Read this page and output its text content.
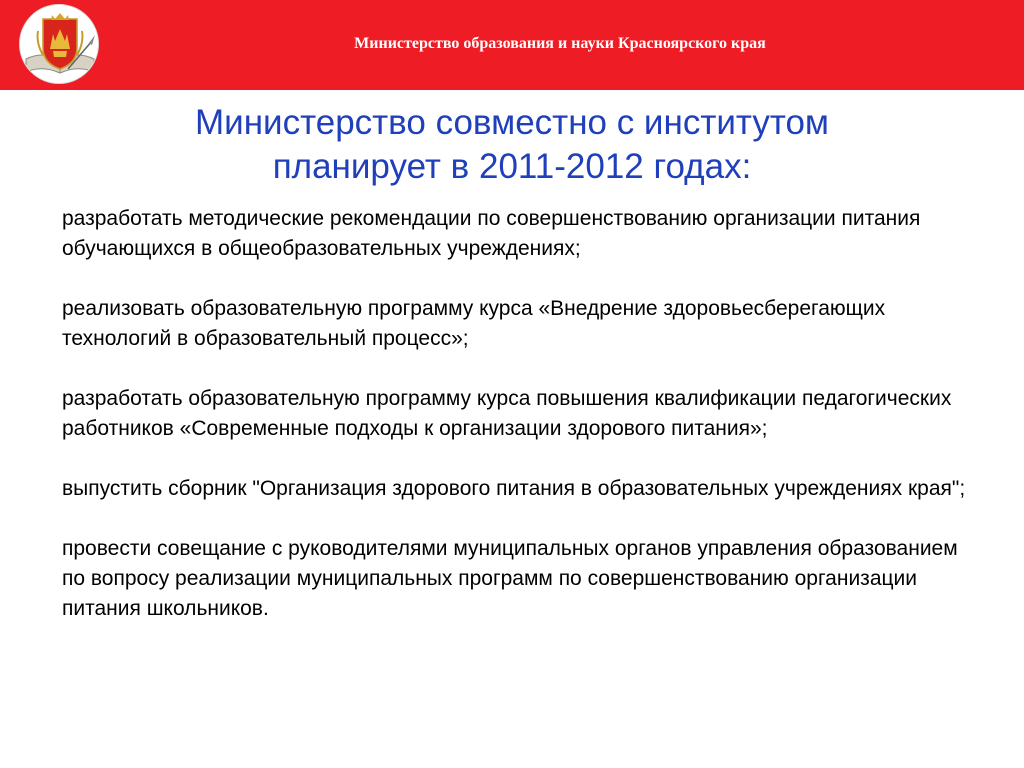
Министерство образования и науки Красноярского края
Министерство совместно с институтом
планирует в 2011-2012 годах:
разработать методические рекомендации по совершенствованию организации питания обучающихся в общеобразовательных учреждениях;
реализовать образовательную программу курса «Внедрение здоровьесберегающих технологий в образовательный процесс»;
разработать образовательную программу курса повышения квалификации педагогических работников «Современные подходы к организации здорового питания»;
выпустить сборник "Организация здорового питания в образовательных учреждениях края";
провести совещание с руководителями муниципальных органов управления образованием по вопросу реализации муниципальных программ по совершенствованию организации питания школьников.
